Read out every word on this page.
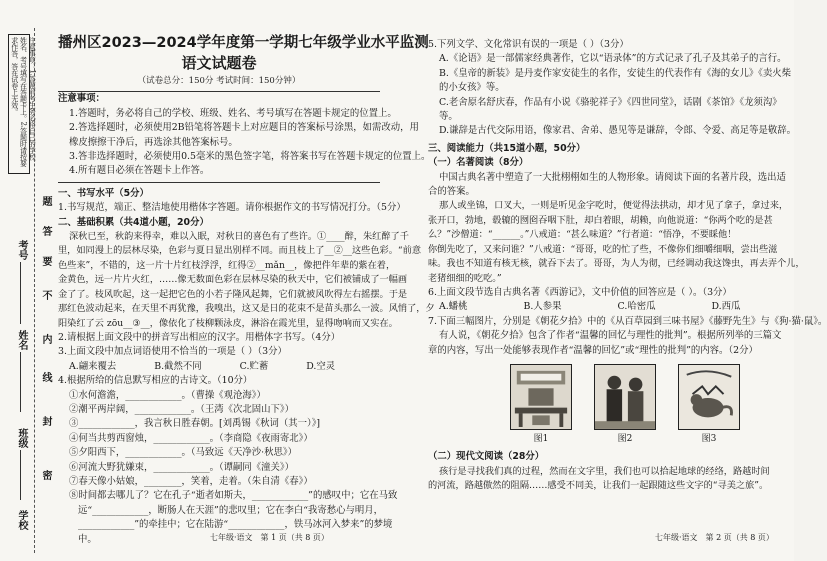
注意事项：1.答题前考生务必将自己的学校、姓名、考号填写在答题卡上。2.答题时请按要求作答，答在试卷上无效。
考号
姓名
班级
学校
题
答
要
不
内
线
封
密
播州区2023—2024学年度第一学期七年级学业水平监测
语文试题卷
（试卷总分：150分 考试时间：150分钟）
注意事项：
1.答题时，务必将自己的学校、班级、姓名、考号填写在答题卡规定的位置上。
2.答选择题时，必须使用2B铅笔将答题卡上对应题目的答案标号涂黑，如需改动，用
橡皮擦擦干净后，再选涂其他答案标号。
3.答非选择题时，必须使用0.5毫米的黑色签字笔，将答案书写在答题卡规定的位置上。
4.所有题目必须在答题卡上作答。
一、书写水平（5分）
1.书写规范，端正、整洁地使用楷体字答题。请你根据作文的书写情况打分。（5分）
二、基础积累（共4道小题，20分）
深秋已至，秋韵来得幸，难以入眠，对秋日的喜色有了些许。①____醉，朱红醉了千
里，如同漫上的层林尽染，色彩与夏日显出别样不同。而且枝上了__②__这些色彩。“前意
色些来”，不错的，这一片十片红枝浮浮，红得②__mǎn__，像把件年辈的紫在着，
金黄色，远一片片火红，……像无数面色彩在层林尽染的秋天中，它们被铺成了一幅画
金了了。枝风吹起，这一起把它色的小若子隆风起舞，它们就被风吹得左右摇摆。于是
那红色波动起来，在天里不再犹豫，我嗅出，这又是日的花束不是苗头那么一波。风悄了，夕
阳染红了云 zōu__③__，像依化了枝柳颗泳皮，淋浴在霞光里，显得吻响而又实在。
2.请根据上面文段中的拼音写出相应的汉字。用楷体字书写。（4分）
3.上面文段中加点词语使用不恰当的一项是（ ）（3分）
A.翩来覆去	B.截然不同	C.贮蓄	D.空灵
4.根据所给的信息默写相应的古诗文。（10分）
①水何澹澹，____________。（曹操《观沧海》）
②潮平两岸阔，____________。（王湾《次北固山下》）
③____________，我言秋日胜春朝。[刘禹锡《秋词（其一）》]
④何当共剪西窗烛，____________。（李商隐《夜雨寄北》）
⑤夕阳西下，____________。（马致远《天净沙·秋思》）
⑥河流大野犹嫌束，____________。（谭嗣同《潼关》）
⑦春天像小姑娘，________，笑着，走着。（朱自清《春》）
⑧时间都去哪儿了？它在孔子“逝者如斯夫，____________”的感叹中；它在马致
远“____________，断肠人在天涯”的悲叹里；它在李白“我寄愁心与明月，
____________”的牵挂中；它在陆游“____________，铁马冰河入梦来”的梦境
中。
5.下列文学、文化常识有误的一项是（ ）（3分）
A.《论语》是一部儒家经典著作，它以“语录体”的方式记录了孔子及其弟子的言行。
B.《皇帝的新装》是丹麦作家安徒生的名作，安徒生的代表作有《海的女儿》《卖火柴
的小女孩》等。
C.老舍原名舒庆春，作品有小说《骆驼祥子》《四世同堂》，话剧《茶馆》《龙须沟》
等。
D.谦辞是古代交际用语，像家君、舍弟、愚见等是谦辞，令郎、令爱、高足等是敬辞。
三、阅读能力（共15道小题，50分）
（一）名著阅读（8分）
中国古典名著中塑造了一大批栩栩如生的人物形象。请阅读下面的名著片段，选出适
合的答案。
那人或坐锦，口叉大，一则是听见金字吃时，便觉得法拱动，却才见了拿子，拿过来，
张开口，勃地，毂辘的囫囵吞咽下肚，却白着眼，胡赖，向他说道：“你两个吃的是甚
么？”沙僧道：“______。”八戒道：“甚么味道？”行者道：“悟净，不要睬他！
你倒先吃了，又来问谁？”八戒道：“哥哥，吃的忙了些，不像你们细嚼细咽，尝出些滋
味。我也不知道有核无核，就吞下去了。哥哥，为人为彻，已经调动我这馋虫，再去弄个儿，
老猪细细的吃吃。”
6.上面文段节选自古典名著《西游记》，文中价值的回答应是（ ）。（3分）
A.蟠桃	B.人参果	C.哈密瓜	D.西瓜
7.下面三幅图片，分别是《朝花夕拾》中的《从百草园到三味书屋》《藤野先生》与《狗·猫·鼠》。
有人说，《朝花夕拾》包含了作者“温馨的回忆与理性的批判”。根据所列举的三篇文
章的内容，写出一处能够表现作者“温馨的回忆”或“理性的批判”的内容。（2分）
图1	图2	图3
（二）现代文阅读（28分）
孩行是寻找我们真的过程，然而在文字里，我们也可以拾起地球的经络，路越时间
的河流，路越傲然的阻隔……感受不同美，让我们一起跟随这些文字的“寻美之旅”。
七年级·语文　第 1 页（共 8 页）	七年级·语文　第 2 页（共 8 页）
